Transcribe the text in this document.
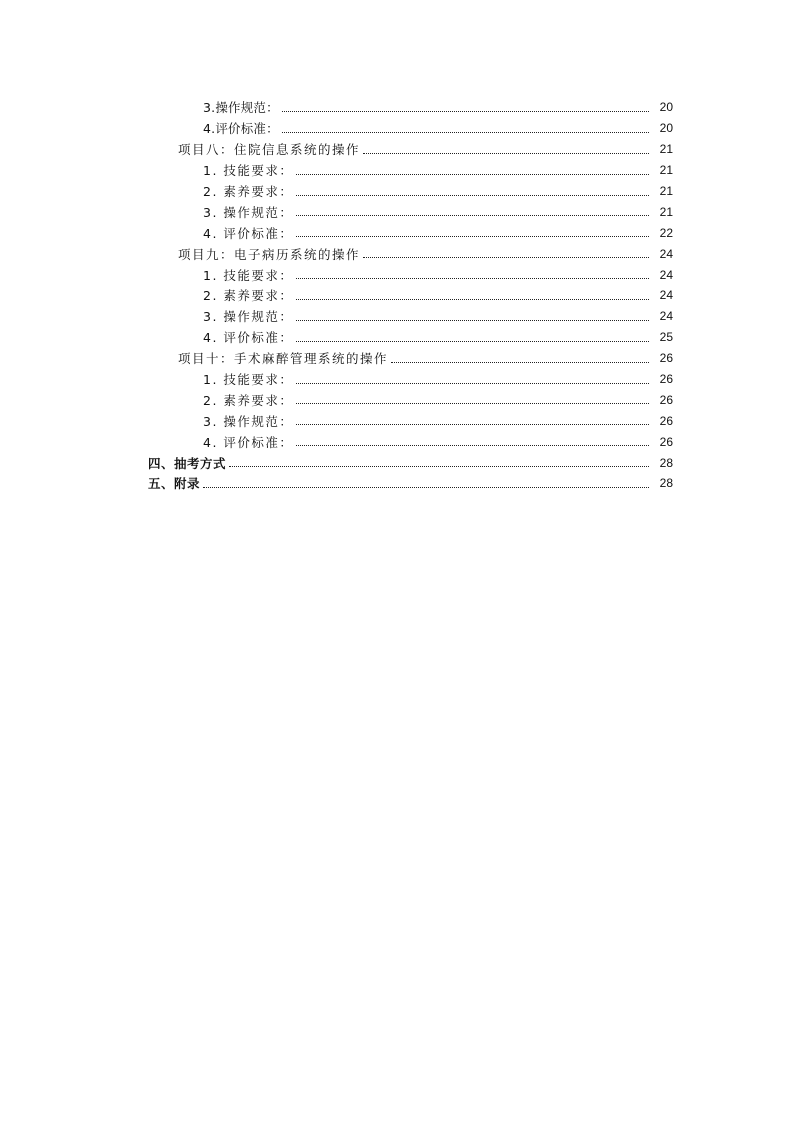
3.操作规范：	20
4.评价标准：	20
项目八：住院信息系统的操作	21
1. 技能要求：	21
2. 素养要求：	21
3. 操作规范：	21
4. 评价标准：	22
项目九：电子病历系统的操作	24
1. 技能要求：	24
2. 素养要求：	24
3. 操作规范：	24
4. 评价标准：	25
项目十：手术麻醉管理系统的操作	26
1. 技能要求：	26
2. 素养要求：	26
3. 操作规范：	26
4. 评价标准：	26
四、抽考方式	28
五、附录	28
